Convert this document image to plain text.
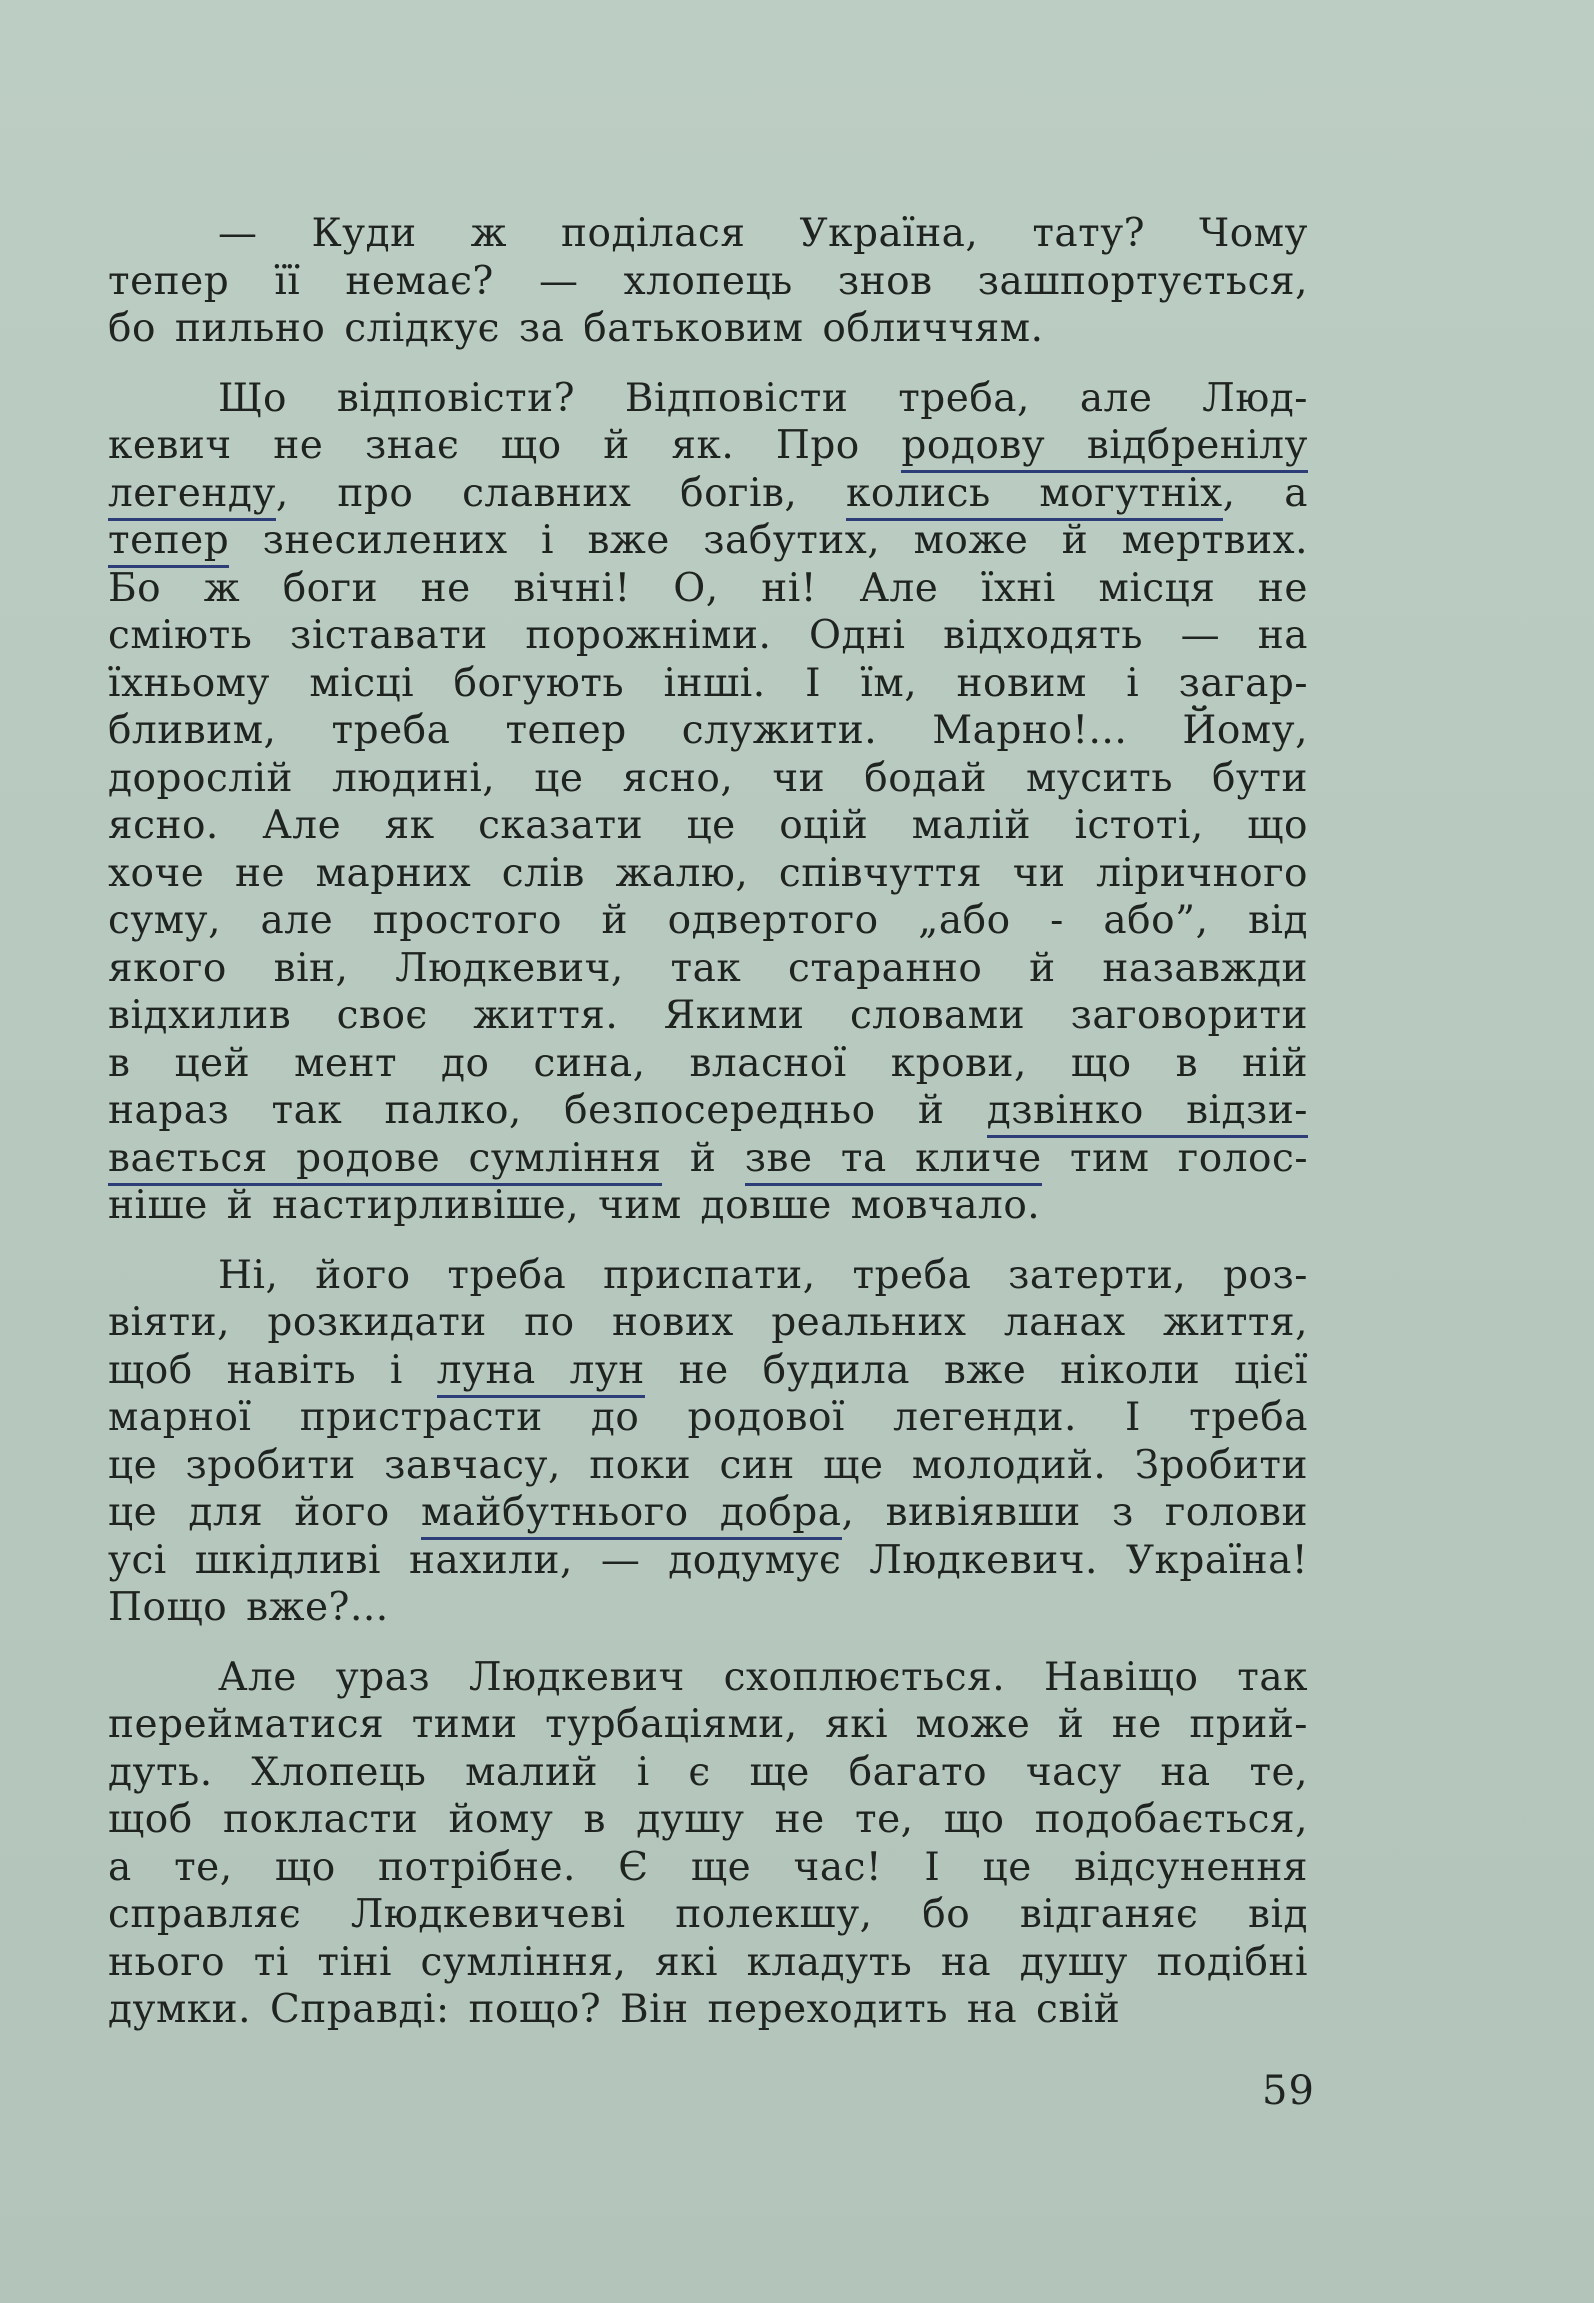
— Куди ж поділася Україна, тату? Чому
тепер її немає? — хлопець знов зашпортується,
бо пильно слідкує за батьковим обличчям.
Що відповісти? Відповісти треба, але Люд-
кевич не знає що й як. Про родову відбренілу
легенду, про славних богів, колись могутніх, а
тепер знесилених і вже забутих, може й мертвих.
Бо ж боги не вічні! О, ні! Але їхні місця не
сміють зіставати порожніми. Одні відходять — на
їхньому місці богують інші. І їм, новим і загар-
бливим, треба тепер служити. Марно!... Йому,
дорослій людині, це ясно, чи бодай мусить бути
ясно. Але як сказати це оцій малій істоті, що
хоче не марних слів жалю, співчуття чи ліричного
суму, але простого й одвертого „або - або”, від
якого він, Людкевич, так старанно й назавжди
відхилив своє життя. Якими словами заговорити
в цей мент до сина, власної крови, що в ній
нараз так палко, безпосередньо й дзвінко відзи-
вається родове сумління й зве та кличе тим голос-
ніше й настирливіше, чим довше мовчало.
Ні, його треба приспати, треба затерти, роз-
віяти, розкидати по нових реальних ланах життя,
щоб навіть і луна лун не будила вже ніколи цієї
марної пристрасти до родової легенди. І треба
це зробити завчасу, поки син ще молодий. Зробити
це для його майбутнього добра, вивіявши з голови
усі шкідливі нахили, — додумує Людкевич. Україна!
Пощо вже?...
Але ураз Людкевич схоплюється. Навіщо так
перейматися тими турбаціями, які може й не прий-
дуть. Хлопець малий і є ще багато часу на те,
щоб покласти йому в душу не те, що подобається,
а те, що потрібне. Є ще час! І це відсунення
справляє Людкевичеві полекшу, бо відганяє від
нього ті тіні сумління, які кладуть на душу подібні
думки. Справді: пощо? Він переходить на свій
59
